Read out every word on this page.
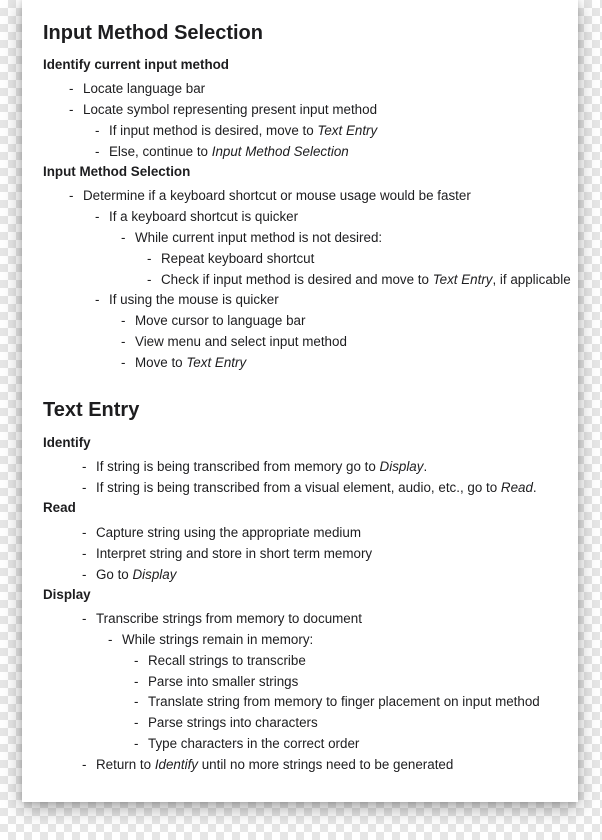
Input Method Selection
Identify current input method
- Locate language bar
- Locate symbol representing present input method
- If input method is desired, move to Text Entry
- Else, continue to Input Method Selection
Input Method Selection
- Determine if a keyboard shortcut or mouse usage would be faster
- If a keyboard shortcut is quicker
- While current input method is not desired:
- Repeat keyboard shortcut
- Check if input method is desired and move to Text Entry, if applicable
- If using the mouse is quicker
- Move cursor to language bar
- View menu and select input method
- Move to Text Entry
Text Entry
Identify
- If string is being transcribed from memory go to Display.
- If string is being transcribed from a visual element, audio, etc., go to Read.
Read
- Capture string using the appropriate medium
- Interpret string and store in short term memory
- Go to Display
Display
- Transcribe strings from memory to document
- While strings remain in memory:
- Recall strings to transcribe
- Parse into smaller strings
- Translate string from memory to finger placement on input method
- Parse strings into characters
- Type characters in the correct order
- Return to Identify until no more strings need to be generated
